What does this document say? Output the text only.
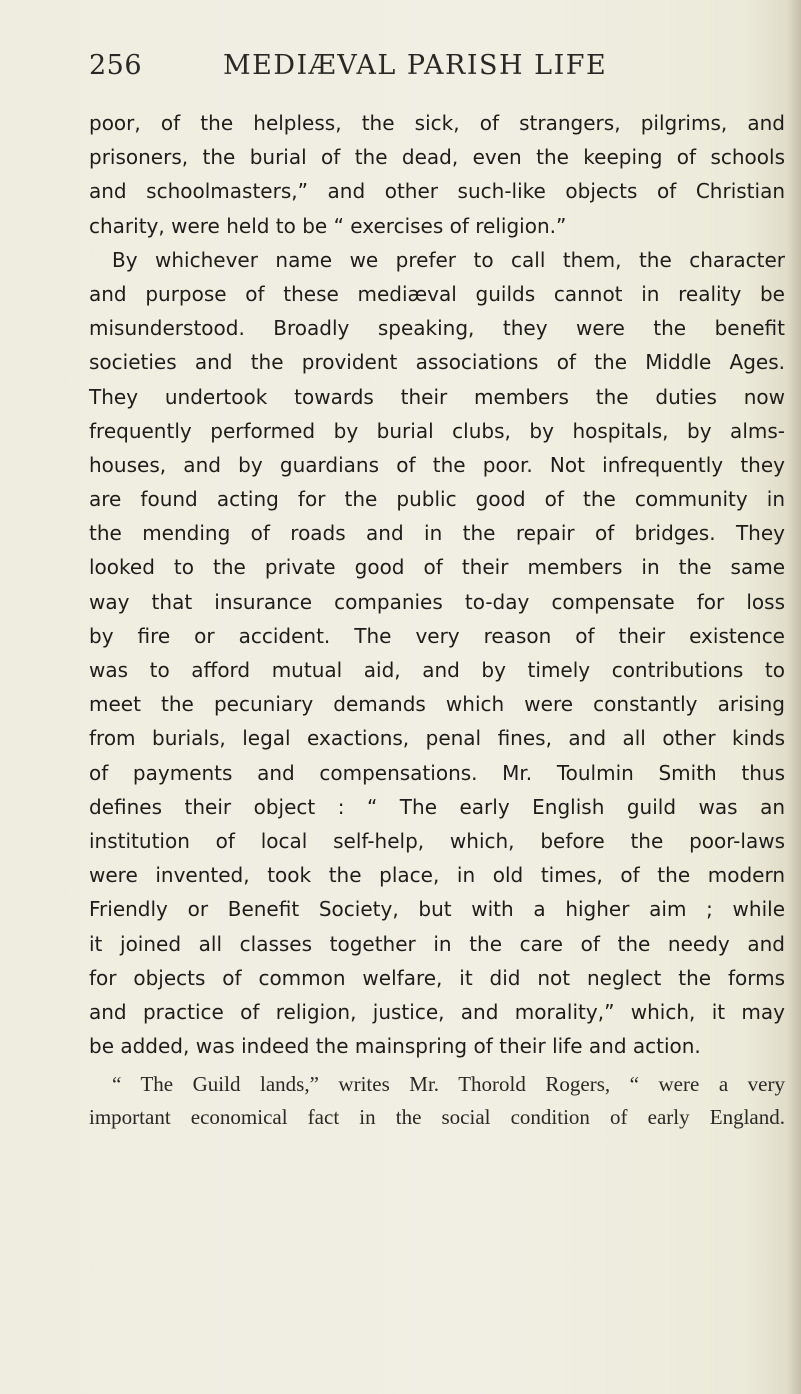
256	MEDIÆVAL PARISH LIFE
poor, of the helpless, the sick, of strangers, pilgrims, and
prisoners, the burial of the dead, even the keeping of schools
and schoolmasters,” and other such-like objects of Christian
charity, were held to be “ exercises of religion.”
By whichever name we prefer to call them, the character
and purpose of these mediæval guilds cannot in reality be
misunderstood. Broadly speaking, they were the benefit
societies and the provident associations of the Middle Ages.
They undertook towards their members the duties now
frequently performed by burial clubs, by hospitals, by alms-
houses, and by guardians of the poor. Not infrequently they
are found acting for the public good of the community in
the mending of roads and in the repair of bridges. They
looked to the private good of their members in the same
way that insurance companies to-day compensate for loss
by fire or accident. The very reason of their existence
was to afford mutual aid, and by timely contributions to
meet the pecuniary demands which were constantly arising
from burials, legal exactions, penal fines, and all other kinds
of payments and compensations. Mr. Toulmin Smith thus
defines their object : “ The early English guild was an
institution of local self-help, which, before the poor-laws
were invented, took the place, in old times, of the modern
Friendly or Benefit Society, but with a higher aim ; while
it joined all classes together in the care of the needy and
for objects of common welfare, it did not neglect the forms
and practice of religion, justice, and morality,” which, it may
be added, was indeed the mainspring of their life and action.
“ The Guild lands,” writes Mr. Thorold Rogers, “ were a very
important economical fact in the social condition of early England.
